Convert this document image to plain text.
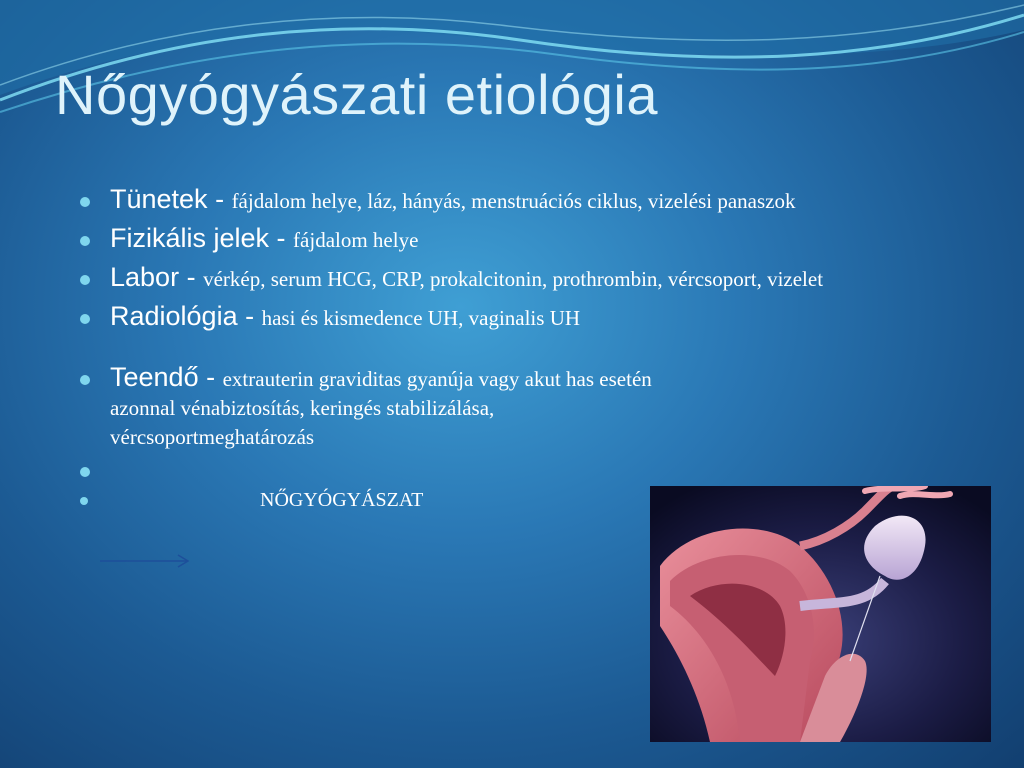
Nőgyógyászati etiológia
Tünetek - fájdalom helye, láz, hányás, menstruációs ciklus, vizelési panaszok
Fizikális jelek - fájdalom helye
Labor - vérkép, serum HCG, CRP, prokalcitonin, prothrombin, vércsoport, vizelet
Radiológia - hasi és kismedence UH, vaginalis UH
Teendő - extrauterin graviditas gyanúja vagy akut has esetén azonnal vénabiztosítás, keringés stabilizálása, vércsoportmeghatározás
NŐGYÓGYÁSZAT
